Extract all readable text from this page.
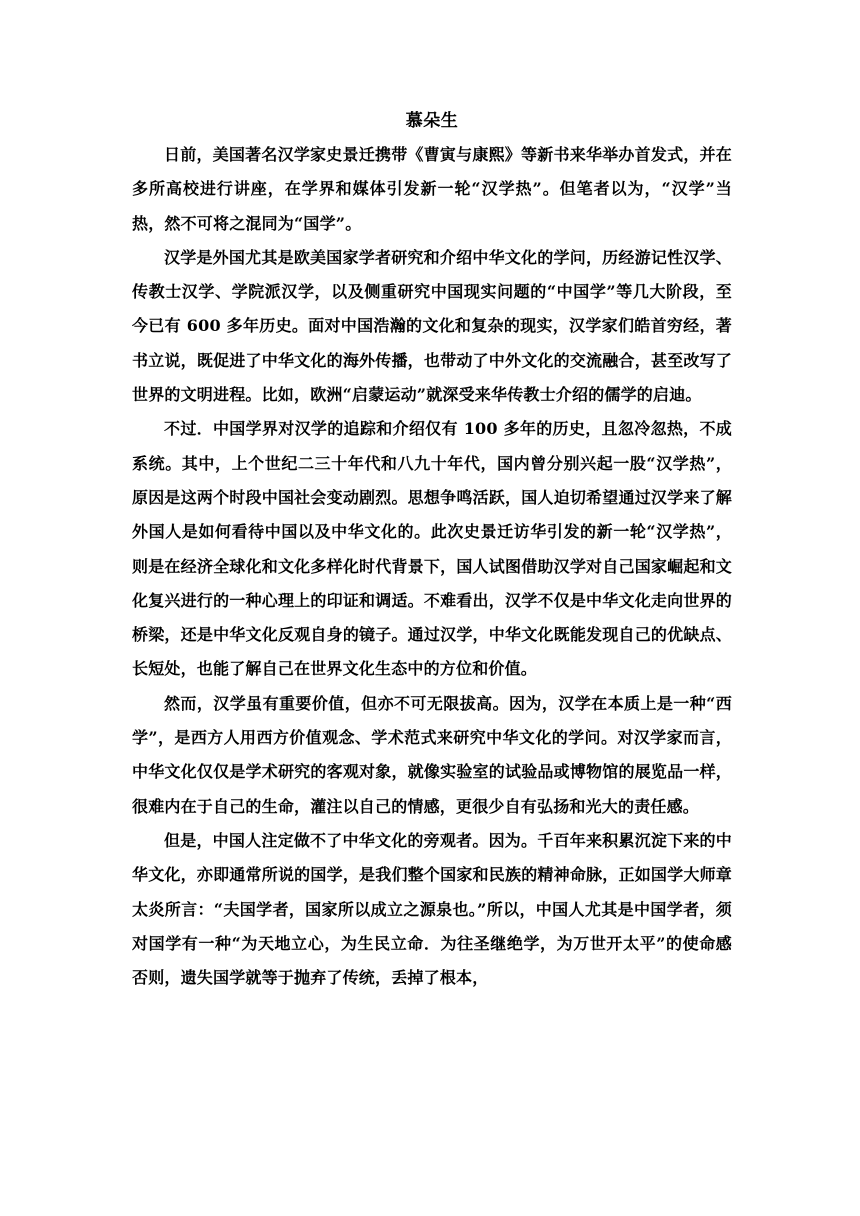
慕朵生

日前，美国著名汉学家史景迁携带《曹寅与康熙》等新书来华举办首发式，并在多所高校进行讲座，在学界和媒体引发新一轮“汉学热”。但笔者以为，“汉学”当热，然不可将之混同为“国学”。

汉学是外国尤其是欧美国家学者研究和介绍中华文化的学问，历经游记性汉学、传教士汉学、学院派汉学，以及侧重研究中国现实问题的“中国学”等几大阶段，至今已有 600 多年历史。面对中国浩瀚的文化和复杂的现实，汉学家们皓首穷经，著书立说，既促进了中华文化的海外传播，也带动了中外文化的交流融合，甚至改写了世界的文明进程。比如，欧洲“启蒙运动”就深受来华传教士介绍的儒学的启迪。

不过．中国学界对汉学的追踪和介绍仅有 100 多年的历史，且忽冷忽热，不成系统。其中，上个世纪二三十年代和八九十年代，国内曾分别兴起一股“汉学热”，原因是这两个时段中国社会变动剧烈。思想争鸣活跃，国人迫切希望通过汉学来了解外国人是如何看待中国以及中华文化的。此次史景迁访华引发的新一轮“汉学热”，则是在经济全球化和文化多样化时代背景下，国人试图借助汉学对自己国家崛起和文化复兴进行的一种心理上的印证和调适。不难看出，汉学不仅是中华文化走向世界的桥梁，还是中华文化反观自身的镜子。通过汉学，中华文化既能发现自己的优缺点、长短处，也能了解自己在世界文化生态中的方位和价值。

然而，汉学虽有重要价值，但亦不可无限拔高。因为，汉学在本质上是一种“西学”，是西方人用西方价值观念、学术范式来研究中华文化的学问。对汉学家而言，中华文化仅仅是学术研究的客观对象，就像实验室的试验品或博物馆的展览品一样，很难内在于自己的生命，灌注以自己的情感，更很少自有弘扬和光大的责任感。

但是，中国人注定做不了中华文化的旁观者。因为。千百年来积累沉淀下来的中华文化，亦即通常所说的国学，是我们整个国家和民族的精神命脉，正如国学大师章太炎所言：“夫国学者，国家所以成立之源泉也。”所以，中国人尤其是中国学者，须对国学有一种“为天地立心，为生民立命．为往圣继绝学，为万世开太平”的使命感否则，遗失国学就等于抛弃了传统，丢掉了根本，
